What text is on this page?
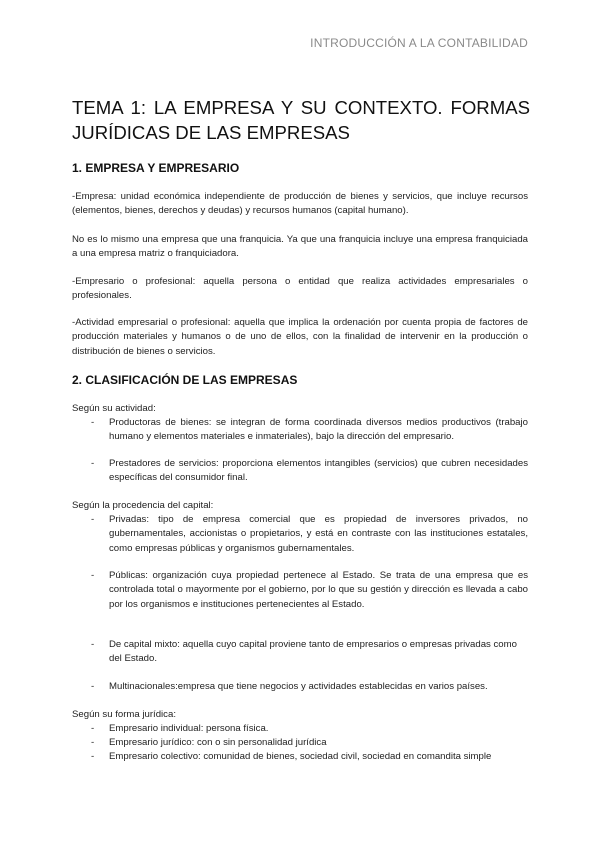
INTRODUCCIÓN A LA CONTABILIDAD
TEMA 1: LA EMPRESA Y SU CONTEXTO. FORMAS JURÍDICAS DE LAS EMPRESAS
1. EMPRESA Y EMPRESARIO

-Empresa: unidad económica independiente de producción de bienes y servicios, que incluye recursos (elementos, bienes, derechos y deudas) y recursos humanos (capital humano).

No es lo mismo una empresa que una franquicia. Ya que una franquicia incluye una empresa franquiciada a una empresa matriz o franquiciadora.

-Empresario o profesional: aquella persona o entidad que realiza actividades empresariales o profesionales.

-Actividad empresarial o profesional: aquella que implica la ordenación por cuenta propia de factores de producción materiales y humanos o de uno de ellos, con la finalidad de intervenir en la producción o distribución de bienes o servicios.

2. CLASIFICACIÓN DE LAS EMPRESAS

Según su actividad:

- Productoras de bienes: se integran de forma coordinada diversos medios productivos (trabajo humano y elementos materiales e inmateriales), bajo la dirección del empresario.
- Prestadores de servicios: proporciona elementos intangibles (servicios) que cubren necesidades específicas del consumidor final.

Según la procedencia del capital:

- Privadas: tipo de empresa comercial que es propiedad de inversores privados, no gubernamentales, accionistas o propietarios, y está en contraste con las instituciones estatales, como empresas públicas y organismos gubernamentales.
- Públicas: organización cuya propiedad pertenece al Estado. Se trata de una empresa que es controlada total o mayormente por el gobierno, por lo que su gestión y dirección es llevada a cabo por los organismos e instituciones pertenecientes al Estado.
- De capital mixto: aquella cuyo capital proviene tanto de empresarios o empresas privadas como del Estado.
- Multinacionales:empresa que tiene negocios y actividades establecidas en varios países.

Según su forma jurídica:

- Empresario individual: persona física.
- Empresario jurídico: con o sin personalidad jurídica
- Empresario colectivo: comunidad de bienes, sociedad civil, sociedad en comandita simple
